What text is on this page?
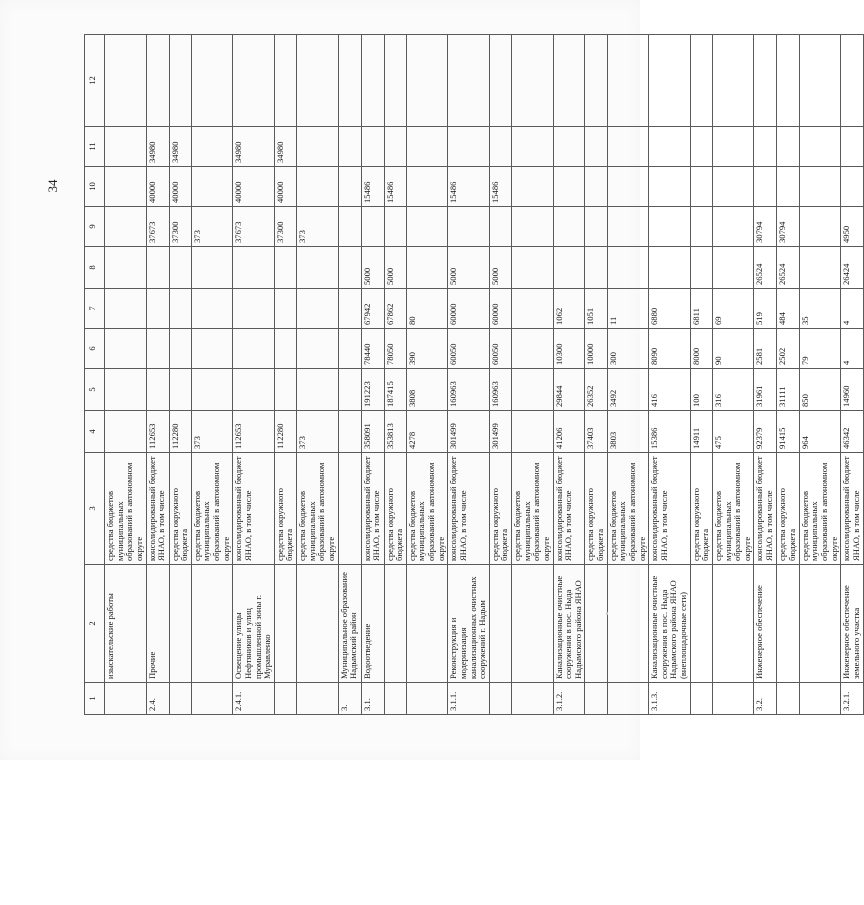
34
1	2	3	4	5	6	7	8	9	10	11	12
	изыскательские работы	средства бюджетов муниципальных образований в автономном округе									
2.4.	Прочие	консолидированный бюджет ЯНАО, в том числе	112653					37673	40000	34980	
		средства окружного бюджета	112280					37300	40000	34980	
		средства бюджетов муниципальных образований в автономном округе	373					373			
2.4.1.	Освещение улицы Нефтяников и улиц промышленной зоны г. Муравленко	консолидированный бюджет ЯНАО, в том числе	112653					37673	40000	34980	
		средства окружного бюджета	112280					37300	40000	34980	
		средства бюджетов муниципальных образований в автономном округе	373					373			
3.	Муниципальное образование Надымский район										
3.1.	Водоотведение	консолидированный бюджет ЯНАО, в том числе	358091	191223	78440	67942	5000		15486		
		средства окружного бюджета	353813	187415	78050	67862	5000		15486		
		средства бюджетов муниципальных образований в автономном округе	4278	3808	390	80					
3.1.1.	Реконструкция и модернизация канализационных очистных сооружений г. Надым	консолидированный бюджет ЯНАО, в том числе	301499	160963	60050	60000	5000		15486		
		средства окружного бюджета	301499	160963	60050	60000	5000		15486		
		средства бюджетов муниципальных образований в автономном округе									
3.1.2.	Канализационные очистные сооружения в пос. Ныда Надымского района ЯНАО	консолидированный бюджет ЯНАО, в том числе	41206	29844	10300	1062					
		средства окружного бюджета	37403	26352	10000	1051					
		средства бюджетов муниципальных образований в автономном округе	3803	3492	300	11					
3.1.3.	Канализационные очистные сооружения в пос. Ныда Надымского района ЯНАО (внеплощадочные сети)	консолидированный бюджет ЯНАО, в том числе	15386	416	8090	6880					
		средства окружного бюджета	14911	100	8000	6811					
		средства бюджетов муниципальных образований в автономном округе	475	316	90	69					
3.2.	Инженерное обеспечение	консолидированный бюджет ЯНАО, в том числе	92379	31961	2581	519	26524	30794			
		средства окружного бюджета	91415	31111	2502	484	26524	30794			
		средства бюджетов муниципальных образований в автономном округе	964	850	79	35					
3.2.1.	Инженерное обеспечение земельного участка	консолидированный бюджет ЯНАО, в том числе	46342	14960	4	4	26424	4950			
